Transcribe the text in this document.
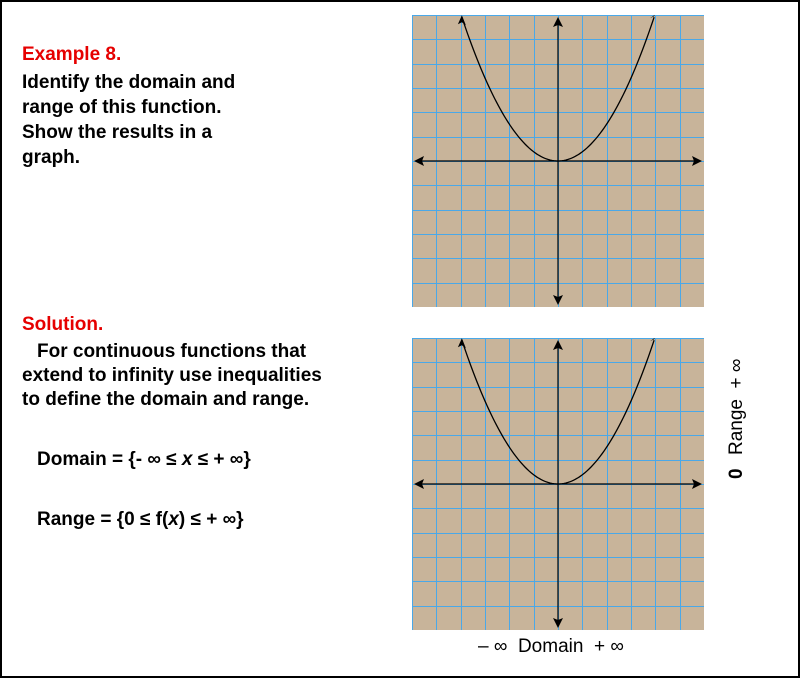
Example 8.
Identify the domain and
range of this function.
Show the results in a
graph.
Solution.
For continuous functions that
extend to infinity use inequalities
to define the domain and range.
Domain = {- ∞ ≤ x ≤ + ∞}
Range = {0 ≤ f(x) ≤ + ∞}
0
Range  + ∞
– ∞  Domain  + ∞
